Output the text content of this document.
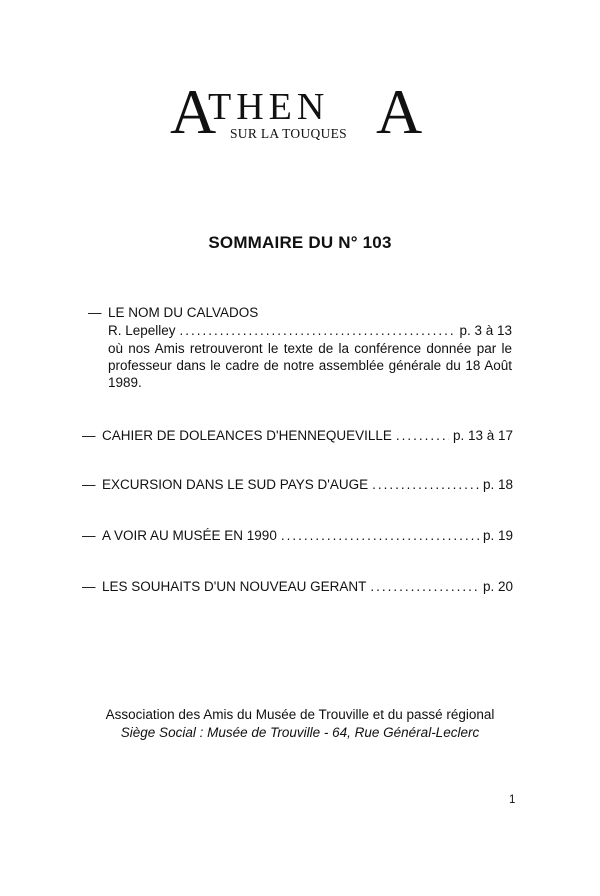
A
THEN A
SUR LA TOUQUES
SOMMAIRE DU N° 103
— LE NOM DU CALVADOS
R. Lepelley .....	p. 3 à 13
où nos Amis retrouveront le texte de la conférence donnée par le professeur dans le cadre de notre assemblée générale du 18 Août 1989.
— CAHIER DE DOLEANCES D'HENNEQUEVILLE .....	p. 13 à 17
— EXCURSION DANS LE SUD PAYS D'AUGE .....	p. 18
— A VOIR AU MUSÉE EN 1990 .....	p. 19
— LES SOUHAITS D'UN NOUVEAU GERANT .....	p. 20
Association des Amis du Musée de Trouville et du passé régional
Siège Social : Musée de Trouville - 64, Rue Général-Leclerc
1
